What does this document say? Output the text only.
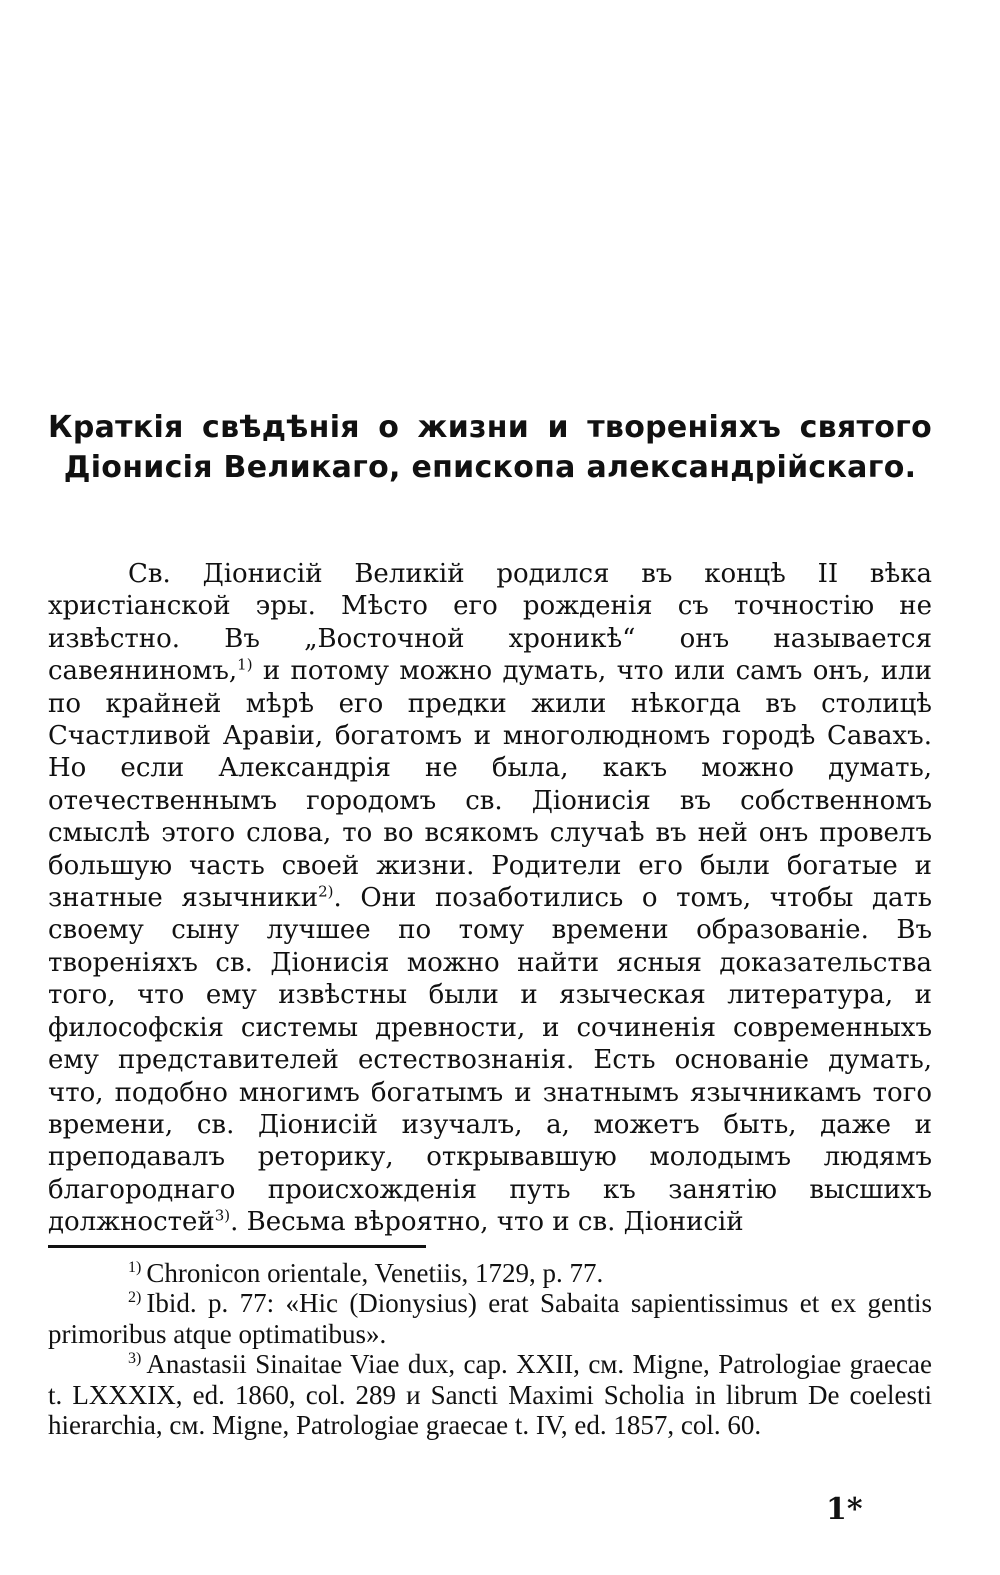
Краткія свѣдѣнія о жизни и твореніяхъ святого Діонисія Великаго, епископа александрійскаго.

Св. Діонисій Великій родился въ концѣ II вѣка христіанской эры. Мѣсто его рожденія съ точностію не извѣстно. Въ „Восточной хроникѣ“ онъ называется савеяниномъ,$^{1)}$ и потому можно думать, что или самъ онъ, или по крайней мѣрѣ его предки жили нѣкогда въ столицѣ Счастливой Аравіи, богатомъ и многолюдномъ городѣ Савахъ. Но если Александрія не была, какъ можно думать, отечественнымъ городомъ св. Діонисія въ собственномъ смыслѣ этого слова, то во всякомъ случаѣ въ ней онъ провелъ большую часть своей жизни. Родители его были богатые и знатные язычники$^{2)}$. Они позаботились о томъ, чтобы дать своему сыну лучшее по тому времени образованіе. Въ твореніяхъ св. Діонисія можно найти ясныя доказательства того, что ему извѣстны были и языческая литература, и философскія системы древности, и сочиненія современныхъ ему представителей естествознанія. Есть основаніе думать, что, подобно многимъ богатымъ и знатнымъ язычникамъ того времени, св. Діонисій изучалъ, а, можетъ быть, даже и преподавалъ реторику, открывавшую молодымъ людямъ благороднаго происхожденія путь къ занятію высшихъ должностей$^{3)}$. Весьма вѣроятно, что и св. Діонисій

$^{1)}$ Chronicon orientale, Venetiis, 1729, p. 77.

$^{2)}$ Ibid. p. 77: «Hic (Dionysius) erat Sabaita sapientissimus et ex gentis primoribus atque optimatibus».

$^{3)}$ Anastasii Sinaitae Viae dux, cap. XXII, см. Migne, Patrologiae graecae t. LXXXIX, ed. 1860, col. 289 и Sancti Maximi Scholia in librum De coelesti hierarchia, см. Migne, Patrologiae graecae t. IV, ed. 1857, col. 60.

1*
